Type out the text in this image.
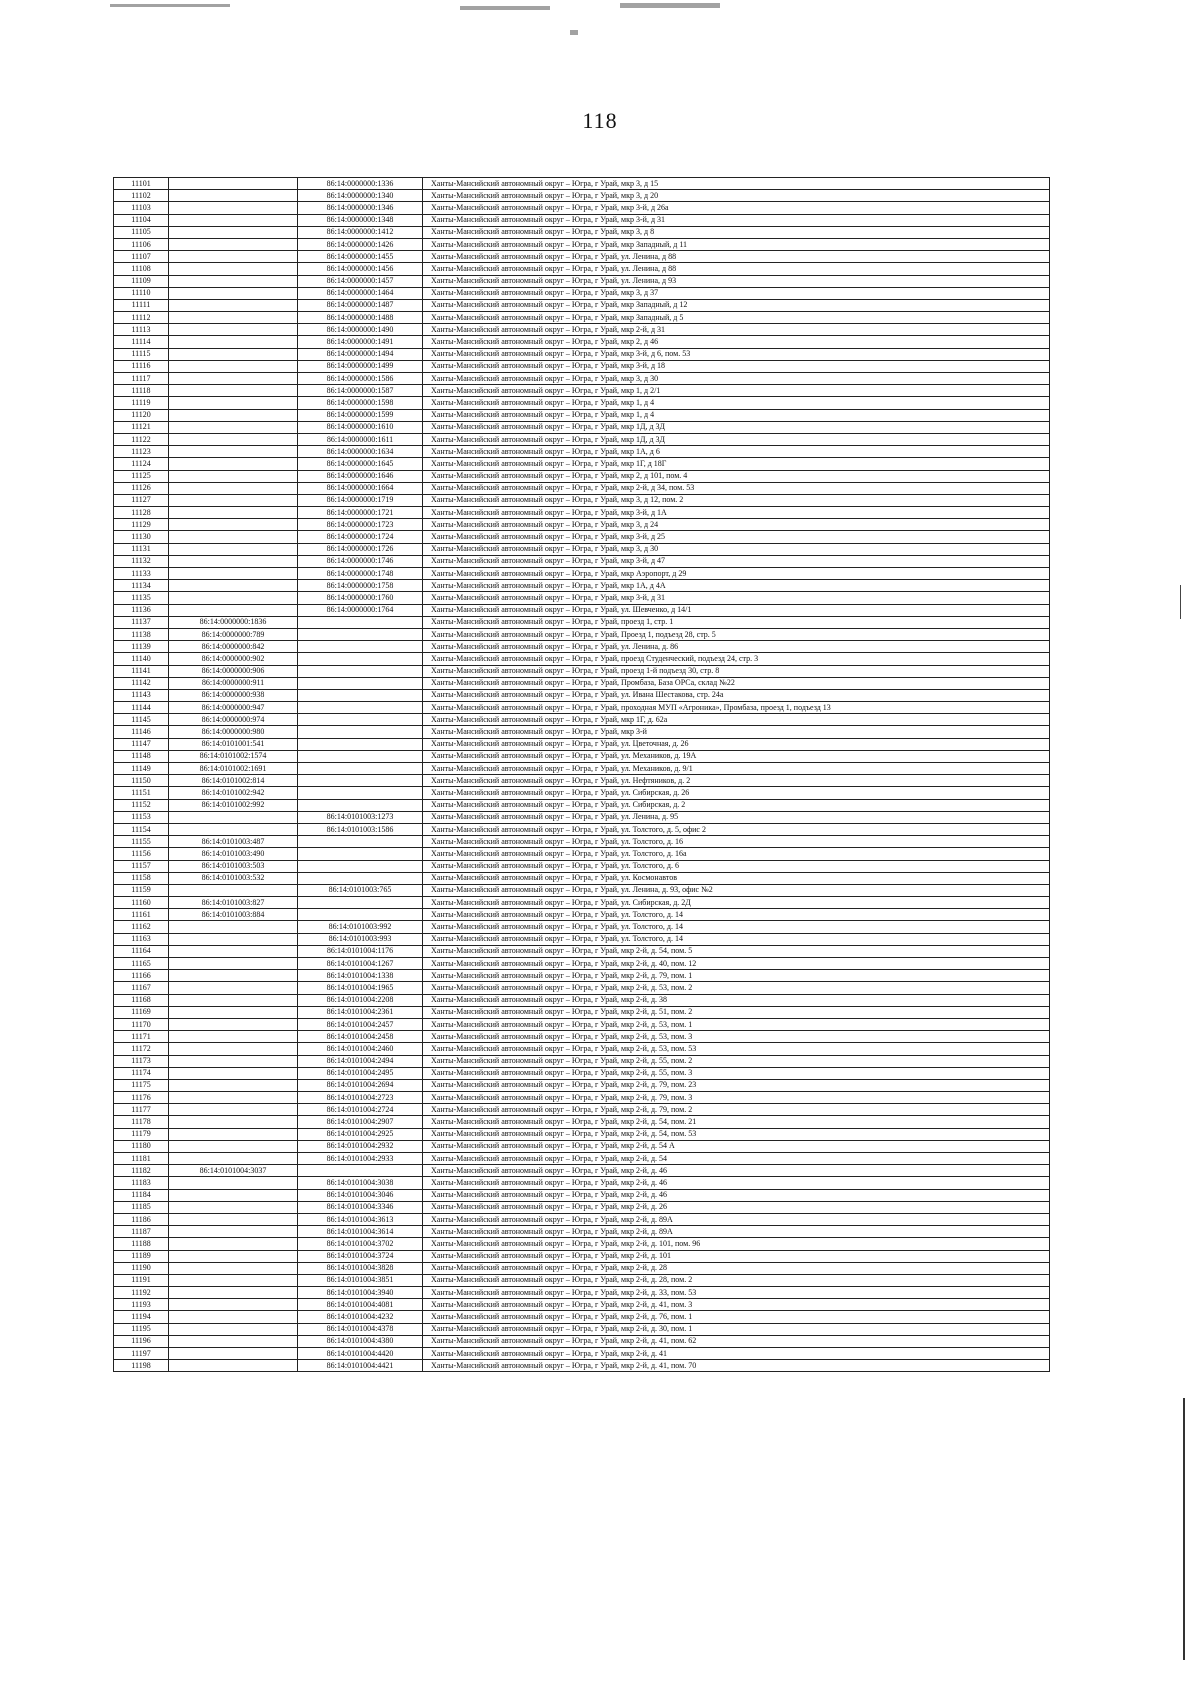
118
11101		86:14:0000000:1336	Ханты-Мансийский автономный округ – Югра, г Урай, мкр 3, д 15
11102		86:14:0000000:1340	Ханты-Мансийский автономный округ – Югра, г Урай, мкр 3, д 20
11103		86:14:0000000:1346	Ханты-Мансийский автономный округ – Югра, г Урай, мкр 3-й, д 26а
11104		86:14:0000000:1348	Ханты-Мансийский автономный округ – Югра, г Урай, мкр 3-й, д 31
11105		86:14:0000000:1412	Ханты-Мансийский автономный округ – Югра, г Урай, мкр 3, д 8
11106		86:14:0000000:1426	Ханты-Мансийский автономный округ – Югра, г Урай, мкр Западный, д 11
11107		86:14:0000000:1455	Ханты-Мансийский автономный округ – Югра, г Урай, ул. Ленина, д 88
11108		86:14:0000000:1456	Ханты-Мансийский автономный округ – Югра, г Урай, ул. Ленина, д 88
11109		86:14:0000000:1457	Ханты-Мансийский автономный округ – Югра, г Урай, ул. Ленина, д 93
11110		86:14:0000000:1464	Ханты-Мансийский автономный округ – Югра, г Урай, мкр 3, д 37
11111		86:14:0000000:1487	Ханты-Мансийский автономный округ – Югра, г Урай, мкр Западный, д 12
11112		86:14:0000000:1488	Ханты-Мансийский автономный округ – Югра, г Урай, мкр Западный, д 5
11113		86:14:0000000:1490	Ханты-Мансийский автономный округ – Югра, г Урай, мкр 2-й, д 31
11114		86:14:0000000:1491	Ханты-Мансийский автономный округ – Югра, г Урай, мкр 2, д 46
11115		86:14:0000000:1494	Ханты-Мансийский автономный округ – Югра, г Урай, мкр 3-й, д 6, пом. 53
11116		86:14:0000000:1499	Ханты-Мансийский автономный округ – Югра, г Урай, мкр 3-й, д 18
11117		86:14:0000000:1586	Ханты-Мансийский автономный округ – Югра, г Урай, мкр 3, д 30
11118		86:14:0000000:1587	Ханты-Мансийский автономный округ – Югра, г Урай, мкр 1, д 2/1
11119		86:14:0000000:1598	Ханты-Мансийский автономный округ – Югра, г Урай, мкр 1, д 4
11120		86:14:0000000:1599	Ханты-Мансийский автономный округ – Югра, г Урай, мкр 1, д 4
11121		86:14:0000000:1610	Ханты-Мансийский автономный округ – Югра, г Урай, мкр 1Д, д 3Д
11122		86:14:0000000:1611	Ханты-Мансийский автономный округ – Югра, г Урай, мкр 1Д, д 3Д
11123		86:14:0000000:1634	Ханты-Мансийский автономный округ – Югра, г Урай, мкр 1А, д 6
11124		86:14:0000000:1645	Ханты-Мансийский автономный округ – Югра, г Урай, мкр 1Г, д 18Г
11125		86:14:0000000:1646	Ханты-Мансийский автономный округ – Югра, г Урай, мкр 2, д 101, пом. 4
11126		86:14:0000000:1664	Ханты-Мансийский автономный округ – Югра, г Урай, мкр 2-й, д 34, пом. 53
11127		86:14:0000000:1719	Ханты-Мансийский автономный округ – Югра, г Урай, мкр 3, д 12, пом. 2
11128		86:14:0000000:1721	Ханты-Мансийский автономный округ – Югра, г Урай, мкр 3-й, д 1А
11129		86:14:0000000:1723	Ханты-Мансийский автономный округ – Югра, г Урай, мкр 3, д 24
11130		86:14:0000000:1724	Ханты-Мансийский автономный округ – Югра, г Урай, мкр 3-й, д 25
11131		86:14:0000000:1726	Ханты-Мансийский автономный округ – Югра, г Урай, мкр 3, д 30
11132		86:14:0000000:1746	Ханты-Мансийский автономный округ – Югра, г Урай, мкр 3-й, д 47
11133		86:14:0000000:1748	Ханты-Мансийский автономный округ – Югра, г Урай, мкр Аэропорт, д 29
11134		86:14:0000000:1758	Ханты-Мансийский автономный округ – Югра, г Урай, мкр 1А, д 4А
11135		86:14:0000000:1760	Ханты-Мансийский автономный округ – Югра, г Урай, мкр 3-й, д 31
11136		86:14:0000000:1764	Ханты-Мансийский автономный округ – Югра, г Урай, ул. Шевченко, д 14/1
11137	86:14:0000000:1836		Ханты-Мансийский автономный округ – Югра, г Урай, проезд 1, стр. 1
11138	86:14:0000000:789		Ханты-Мансийский автономный округ – Югра, г Урай, Проезд 1, подъезд 28, стр. 5
11139	86:14:0000000:842		Ханты-Мансийский автономный округ – Югра, г Урай, ул. Ленина, д. 86
11140	86:14:0000000:902		Ханты-Мансийский автономный округ – Югра, г Урай, проезд Студенческий, подъезд 24, стр. 3
11141	86:14:0000000:906		Ханты-Мансийский автономный округ – Югра, г Урай, проезд 1-й подъезд 30, стр. 8
11142	86:14:0000000:911		Ханты-Мансийский автономный округ – Югра, г Урай, Промбаза, База ОРСа, склад №22
11143	86:14:0000000:938		Ханты-Мансийский автономный округ – Югра, г Урай, ул. Ивана Шестакова, стр. 24а
11144	86:14:0000000:947		Ханты-Мансийский автономный округ – Югра, г Урай, проходная МУП «Агроника», Промбаза, проезд 1, подъезд 13
11145	86:14:0000000:974		Ханты-Мансийский автономный округ – Югра, г Урай, мкр 1Г, д. 62а
11146	86:14:0000000:980		Ханты-Мансийский автономный округ – Югра, г Урай, мкр 3-й
11147	86:14:0101001:541		Ханты-Мансийский автономный округ – Югра, г Урай, ул. Цветочная, д. 26
11148	86:14:0101002:1574		Ханты-Мансийский автономный округ – Югра, г Урай, ул. Механиков, д. 19А
11149	86:14:0101002:1691		Ханты-Мансийский автономный округ – Югра, г Урай, ул. Механиков, д. 9/1
11150	86:14:0101002:814		Ханты-Мансийский автономный округ – Югра, г Урай, ул. Нефтяников, д. 2
11151	86:14:0101002:942		Ханты-Мансийский автономный округ – Югра, г Урай, ул. Сибирская, д. 26
11152	86:14:0101002:992		Ханты-Мансийский автономный округ – Югра, г Урай, ул. Сибирская, д. 2
11153		86:14:0101003:1273	Ханты-Мансийский автономный округ – Югра, г Урай, ул. Ленина, д. 95
11154		86:14:0101003:1586	Ханты-Мансийский автономный округ – Югра, г Урай, ул. Толстого, д. 5, офис 2
11155	86:14:0101003:487		Ханты-Мансийский автономный округ – Югра, г Урай, ул. Толстого, д. 16
11156	86:14:0101003:490		Ханты-Мансийский автономный округ – Югра, г Урай, ул. Толстого, д. 16а
11157	86:14:0101003:503		Ханты-Мансийский автономный округ – Югра, г Урай, ул. Толстого, д. 6
11158	86:14:0101003:532		Ханты-Мансийский автономный округ – Югра, г Урай, ул. Космонавтов
11159		86:14:0101003:765	Ханты-Мансийский автономный округ – Югра, г Урай, ул. Ленина, д. 93, офис №2
11160	86:14:0101003:827		Ханты-Мансийский автономный округ – Югра, г Урай, ул. Сибирская, д. 2Д
11161	86:14:0101003:884		Ханты-Мансийский автономный округ – Югра, г Урай, ул. Толстого, д. 14
11162		86:14:0101003:992	Ханты-Мансийский автономный округ – Югра, г Урай, ул. Толстого, д. 14
11163		86:14:0101003:993	Ханты-Мансийский автономный округ – Югра, г Урай, ул. Толстого, д. 14
11164		86:14:0101004:1176	Ханты-Мансийский автономный округ – Югра, г Урай, мкр 2-й, д. 54, пом. 5
11165		86:14:0101004:1267	Ханты-Мансийский автономный округ – Югра, г Урай, мкр 2-й, д. 40, пом. 12
11166		86:14:0101004:1338	Ханты-Мансийский автономный округ – Югра, г Урай, мкр 2-й, д. 79, пом. 1
11167		86:14:0101004:1965	Ханты-Мансийский автономный округ – Югра, г Урай, мкр 2-й, д. 53, пом. 2
11168		86:14:0101004:2208	Ханты-Мансийский автономный округ – Югра, г Урай, мкр 2-й, д. 38
11169		86:14:0101004:2361	Ханты-Мансийский автономный округ – Югра, г Урай, мкр 2-й, д. 51, пом. 2
11170		86:14:0101004:2457	Ханты-Мансийский автономный округ – Югра, г Урай, мкр 2-й, д. 53, пом. 1
11171		86:14:0101004:2458	Ханты-Мансийский автономный округ – Югра, г Урай, мкр 2-й, д. 53, пом. 3
11172		86:14:0101004:2460	Ханты-Мансийский автономный округ – Югра, г Урай, мкр 2-й, д. 53, пом. 53
11173		86:14:0101004:2494	Ханты-Мансийский автономный округ – Югра, г Урай, мкр 2-й, д. 55, пом. 2
11174		86:14:0101004:2495	Ханты-Мансийский автономный округ – Югра, г Урай, мкр 2-й, д. 55, пом. 3
11175		86:14:0101004:2694	Ханты-Мансийский автономный округ – Югра, г Урай, мкр 2-й, д. 79, пом. 23
11176		86:14:0101004:2723	Ханты-Мансийский автономный округ – Югра, г Урай, мкр 2-й, д. 79, пом. 3
11177		86:14:0101004:2724	Ханты-Мансийский автономный округ – Югра, г Урай, мкр 2-й, д. 79, пом. 2
11178		86:14:0101004:2907	Ханты-Мансийский автономный округ – Югра, г Урай, мкр 2-й, д. 54, пом. 21
11179		86:14:0101004:2925	Ханты-Мансийский автономный округ – Югра, г Урай, мкр 2-й, д. 54, пом. 53
11180		86:14:0101004:2932	Ханты-Мансийский автономный округ – Югра, г Урай, мкр 2-й, д. 54 А
11181		86:14:0101004:2933	Ханты-Мансийский автономный округ – Югра, г Урай, мкр 2-й, д. 54
11182	86:14:0101004:3037		Ханты-Мансийский автономный округ – Югра, г Урай, мкр 2-й, д. 46
11183		86:14:0101004:3038	Ханты-Мансийский автономный округ – Югра, г Урай, мкр 2-й, д. 46
11184		86:14:0101004:3046	Ханты-Мансийский автономный округ – Югра, г Урай, мкр 2-й, д. 46
11185		86:14:0101004:3346	Ханты-Мансийский автономный округ – Югра, г Урай, мкр 2-й, д. 26
11186		86:14:0101004:3613	Ханты-Мансийский автономный округ – Югра, г Урай, мкр 2-й, д. 89А
11187		86:14:0101004:3614	Ханты-Мансийский автономный округ – Югра, г Урай, мкр 2-й, д. 89А
11188		86:14:0101004:3702	Ханты-Мансийский автономный округ – Югра, г Урай, мкр 2-й, д. 101, пом. 96
11189		86:14:0101004:3724	Ханты-Мансийский автономный округ – Югра, г Урай, мкр 2-й, д. 101
11190		86:14:0101004:3828	Ханты-Мансийский автономный округ – Югра, г Урай, мкр 2-й, д. 28
11191		86:14:0101004:3851	Ханты-Мансийский автономный округ – Югра, г Урай, мкр 2-й, д. 28, пом. 2
11192		86:14:0101004:3940	Ханты-Мансийский автономный округ – Югра, г Урай, мкр 2-й, д. 33, пом. 53
11193		86:14:0101004:4081	Ханты-Мансийский автономный округ – Югра, г Урай, мкр 2-й, д. 41, пом. 3
11194		86:14:0101004:4232	Ханты-Мансийский автономный округ – Югра, г Урай, мкр 2-й, д. 76, пом. 1
11195		86:14:0101004:4378	Ханты-Мансийский автономный округ – Югра, г Урай, мкр 2-й, д. 30, пом. 1
11196		86:14:0101004:4380	Ханты-Мансийский автономный округ – Югра, г Урай, мкр 2-й, д. 41, пом. 62
11197		86:14:0101004:4420	Ханты-Мансийский автономный округ – Югра, г Урай, мкр 2-й, д. 41
11198		86:14:0101004:4421	Ханты-Мансийский автономный округ – Югра, г Урай, мкр 2-й, д. 41, пом. 70
